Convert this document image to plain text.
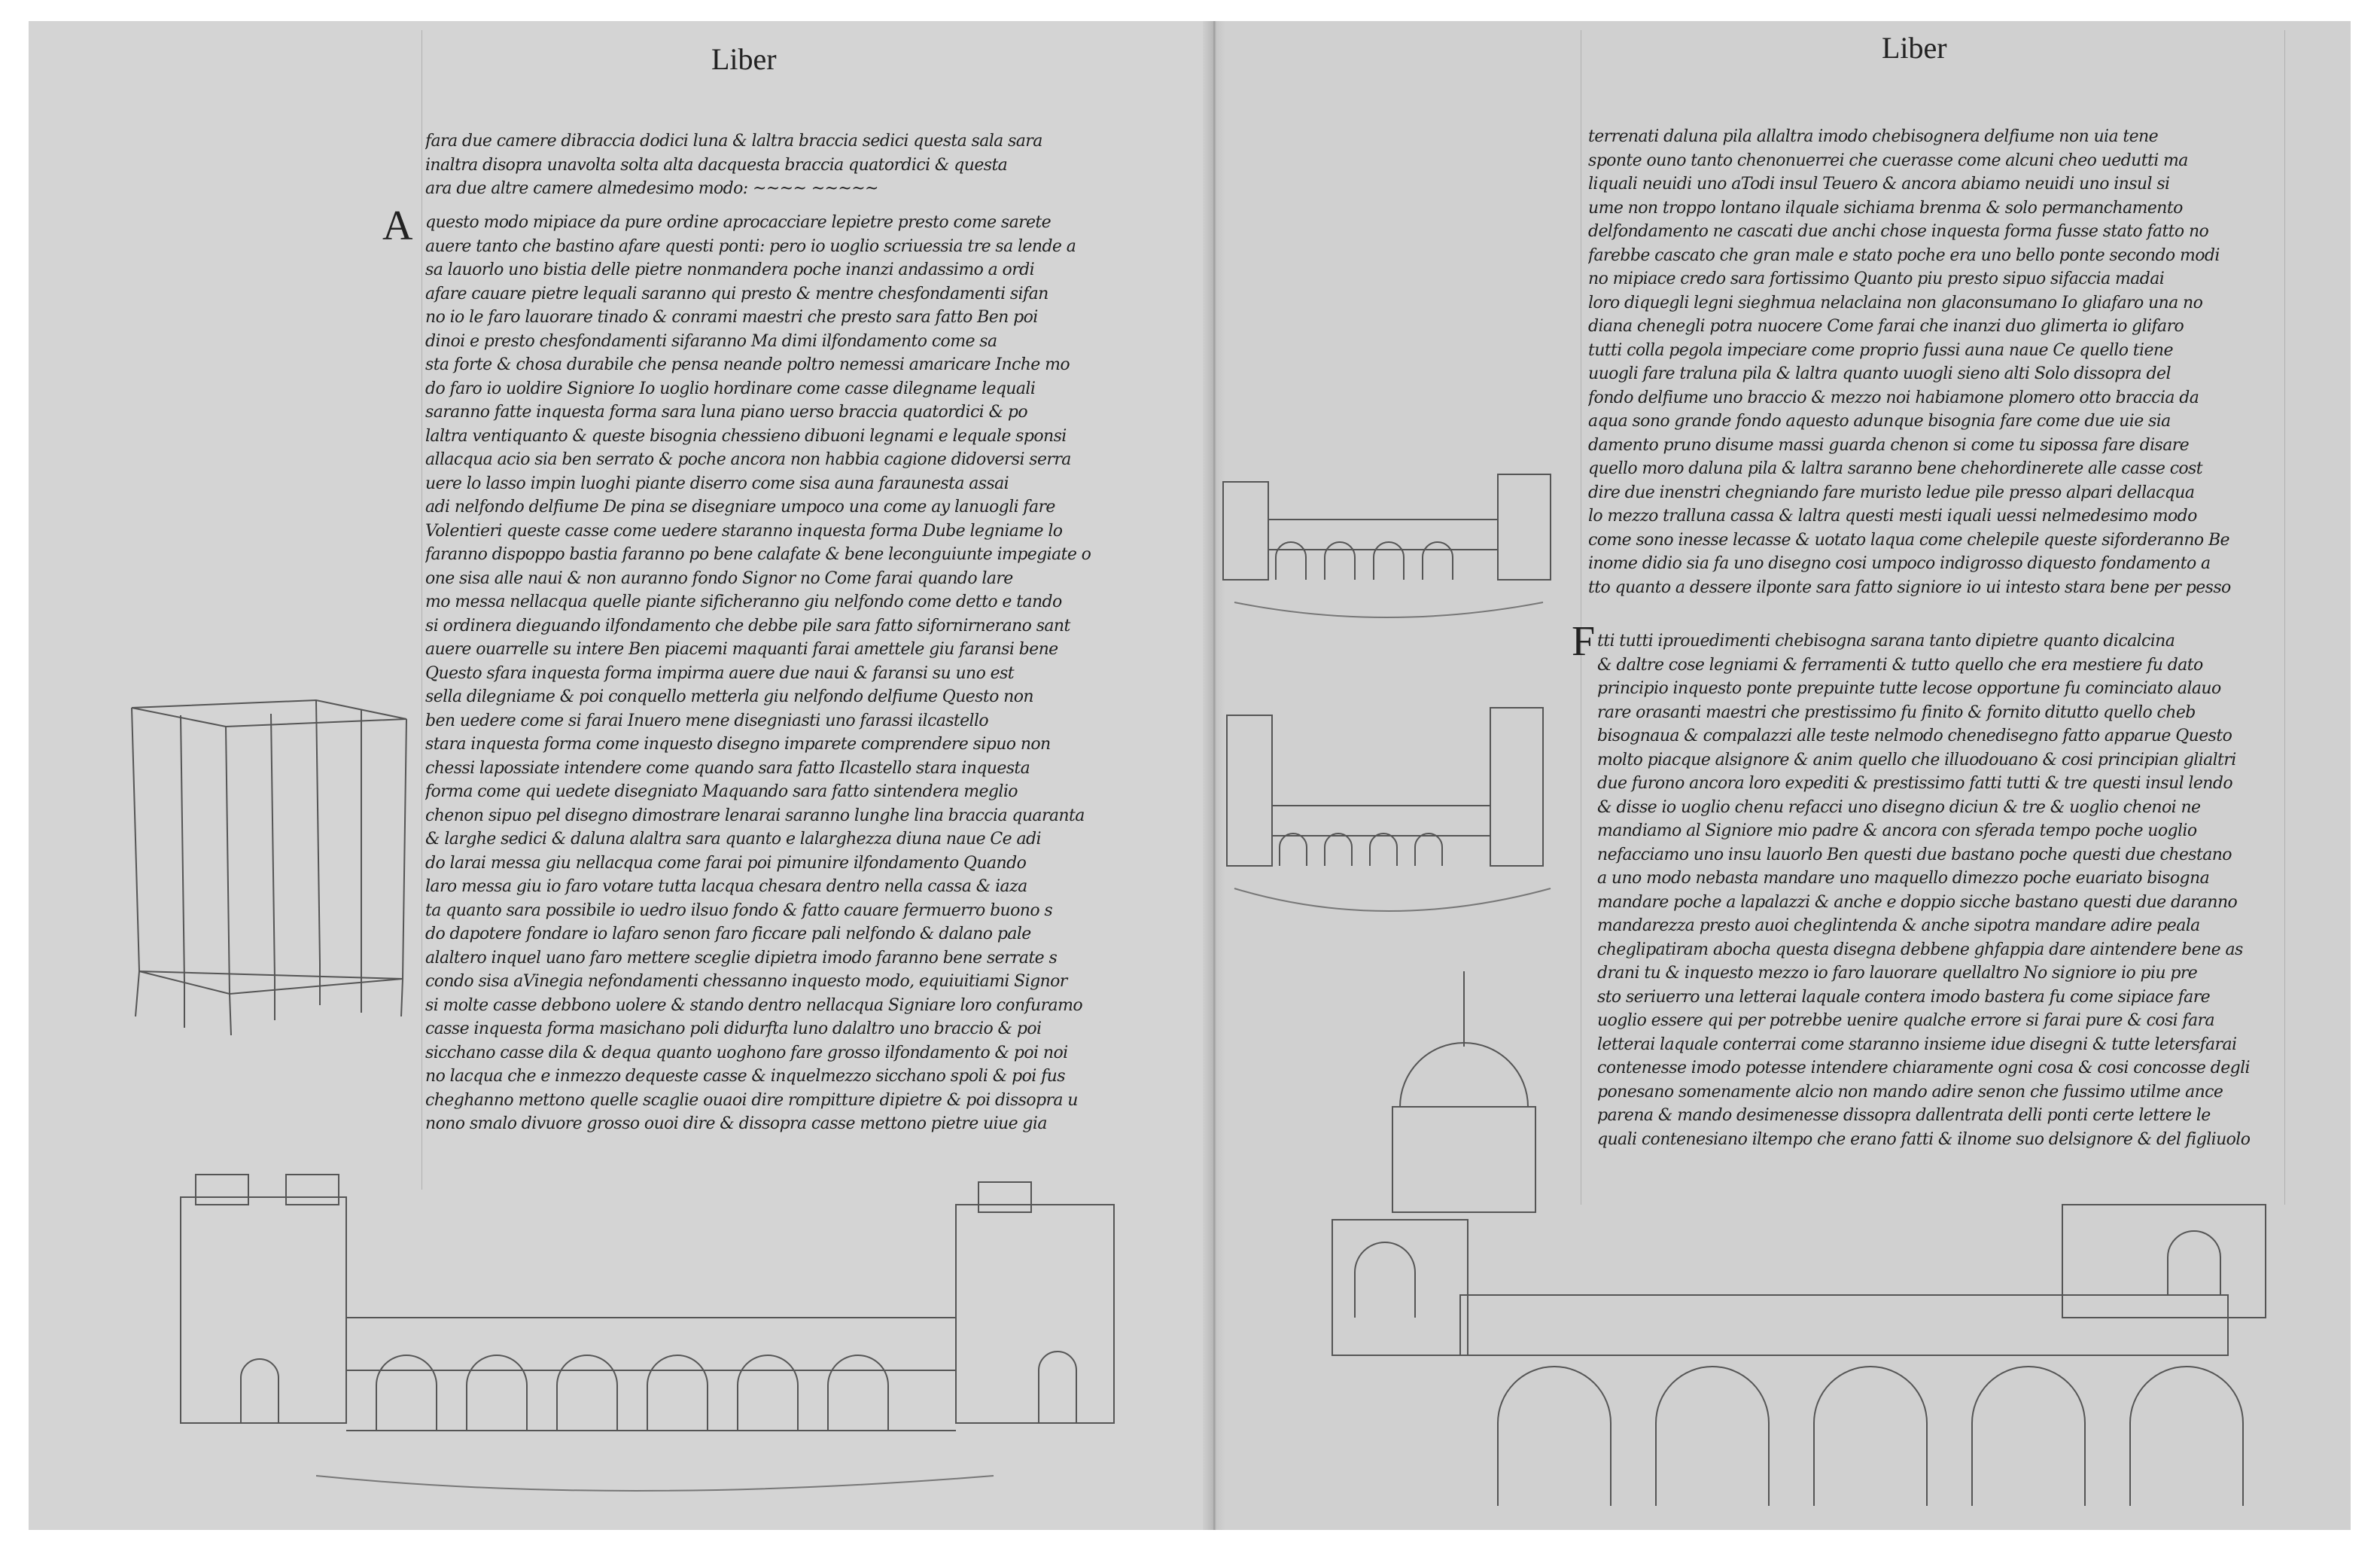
Liber	Liber
fara due camere dibraccia dodici luna & laltra braccia sedici questa sala sara
inaltra disopra unavolta solta alta dacquesta braccia quatordici & questa
ara due altre camere almedesimo modo: ~~~~ ~~~~~
A questo modo mipiace da pure ordine aprocacciare lepietre presto come sarete
auere tanto che bastino afare questi ponti: pero io uoglio scriuessia tre sa lende a
sa lauorlo uno bistia delle pietre nonmandera poche inanzi andassimo a ordi
afare cauare pietre lequali saranno qui presto & mentre chesfondamenti sifan
no io le faro lauorare tinado & conrami maestri che presto sara fatto Ben poi
dinoi e presto chesfondamenti sifaranno Ma dimi ilfondamento come sa
sta forte & chosa durabile che pensa neande poltro nemessi amaricare Inche mo
do faro io uoldire Signiore Io uoglio hordinare come casse dilegname lequali
saranno fatte inquesta forma sara luna piano uerso braccia quatordici & po
laltra ventiquanto & queste bisognia chessieno dibuoni legnami e lequale sponsi
allacqua acio sia ben serrato & poche ancora non habbia cagione didoversi serra
uere lo lasso impin luoghi piante diserro come sisa auna faraunesta assai
adi nelfondo delfiume De pina se disegniare umpoco una come ay lanuogli fare
Volentieri queste casse come uedere staranno inquesta forma Dube legniame lo
faranno dispoppo bastia faranno po bene calafate & bene leconguiunte impegiate o
one sisa alle naui & non auranno fondo Signor no Come farai quando lare
mo messa nellacqua quelle piante sificheranno giu nelfondo come detto e tando
si ordinera dieguando ilfondamento che debbe pile sara fatto sifornirnerano sant
auere ouarrelle su intere Ben piacemi maquanti farai amettele giu faransi bene
Questo sfara inquesta forma impirma auere due naui & faransi su uno est
sella dilegniame & poi conquello metterla giu nelfondo delfiume Questo non
ben uedere come si farai Inuero mene disegniasti uno farassi ilcastello
stara inquesta forma come inquesto disegno imparete comprendere sipuo non
chessi lapossiate intendere come quando sara fatto Ilcastello stara inquesta
forma come qui uedete disegniato Maquando sara fatto sintendera meglio
chenon sipuo pel disegno dimostrare lenarai saranno lunghe lina braccia quaranta
& larghe sedici & daluna alaltra sara quanto e lalarghezza diuna naue Ce adi
do larai messa giu nellacqua come farai poi pimunire ilfondamento Quando
laro messa giu io faro votare tutta lacqua chesara dentro nella cassa & iaza
ta quanto sara possibile io uedro ilsuo fondo & fatto cauare fermuerro buono s
do dapotere fondare io lafaro senon faro ficcare pali nelfondo & dalano pale
alaltero inquel uano faro mettere sceglie dipietra imodo faranno bene serrate s
condo sisa aVinegia nefondamenti chessanno inquesto modo, equiuitiami Signor
si molte casse debbono uolere & stando dentro nellacqua Signiare loro confuramo
casse inquesta forma masichano poli didurfta luno dalaltro uno braccio & poi
sicchano casse dila & dequa quanto uoghono fare grosso ilfondamento & poi noi
no lacqua che e inmezzo dequeste casse & inquelmezzo sicchano spoli & poi fus
cheghanno mettono quelle scaglie ouaoi dire rompitture dipietre & poi dissopra u
nono smalo divuore grosso ouoi dire & dissopra casse mettono pietre uiue gia
terrenati daluna pila allaltra imodo chebisognera delfiume non uia tene
sponte ouno tanto chenonuerrei che cuerasse come alcuni cheo uedutti ma
liquali neuidi uno aTodi insul Teuero & ancora abiamo neuidi uno insul si
ume non troppo lontano ilquale sichiama brenma & solo permanchamento
delfondamento ne cascati due anchi chose inquesta forma fusse stato fatto no
farebbe cascato che gran male e stato poche era uno bello ponte secondo modi
no mipiace credo sara fortissimo Quanto piu presto sipuo sifaccia madai
loro diquegli legni sieghmua nelaclaina non glaconsumano Io gliafaro una no
diana chenegli potra nuocere Come farai che inanzi duo glimerta io glifaro
tutti colla pegola impeciare come proprio fussi auna naue Ce quello tiene
uuogli fare traluna pila & laltra quanto uuogli sieno alti Solo dissopra del
fondo delfiume uno braccio & mezzo noi habiamone plomero otto braccia da
aqua sono grande fondo aquesto adunque bisognia fare come due uie sia
damento pruno disume massi guarda chenon si come tu sipossa fare disare
quello moro daluna pila & laltra saranno bene chehordinerete alle casse cost
dire due inenstri chegniando fare muristo ledue pile presso alpari dellacqua
lo mezzo tralluna cassa & laltra questi mesti iquali uessi nelmedesimo modo
come sono inesse lecasse & uotato laqua come chelepile queste siforderanno Be
inome didio sia fa uno disegno cosi umpoco indigrosso diquesto fondamento a
tto quanto a dessere ilponte sara fatto signiore io ui intesto stara bene per pesso
F tti tutti iprouedimenti chebisogna sarana tanto dipietre quanto dicalcina
& daltre cose legniami & ferramenti & tutto quello che era mestiere fu dato
principio inquesto ponte prepuinte tutte lecose opportune fu cominciato alauo
rare orasanti maestri che prestissimo fu finito & fornito ditutto quello cheb
bisognaua & compalazzi alle teste nelmodo chenedisegno fatto apparue Questo
molto piacque alsignore & anim quello che illuodouano & cosi principian glialtri
due furono ancora loro expediti & prestissimo fatti tutti & tre questi insul lendo
& disse io uoglio chenu refacci uno disegno diciun & tre & uoglio chenoi ne
mandiamo al Signiore mio padre & ancora con sferada tempo poche uoglio
nefacciamo uno insu lauorlo Ben questi due bastano poche questi due chestano
a uno modo nebasta mandare uno maquello dimezzo poche euariato bisogna
mandare poche a lapalazzi & anche e doppio sicche bastano questi due daranno
mandarezza presto auoi cheglintenda & anche sipotra mandare adire peala
cheglipatiram abocha questa disegna debbene ghfappia dare aintendere bene as
drani tu & inquesto mezzo io faro lauorare quellaltro No signiore io piu pre
sto seriuerro una letterai laquale contera imodo bastera fu come sipiace fare
uoglio essere qui per potrebbe uenire qualche errore si farai pure & cosi fara
letterai laquale conterrai come staranno insieme idue disegni & tutte letersfarai
contenesse imodo potesse intendere chiaramente ogni cosa & cosi concosse degli
ponesano somenamente alcio non mando adire senon che fussimo utilme ance
parena & mando desimenesse dissopra dallentrata delli ponti certe lettere le
quali contenesiano iltempo che erano fatti & ilnome suo delsignore & del figliuolo
